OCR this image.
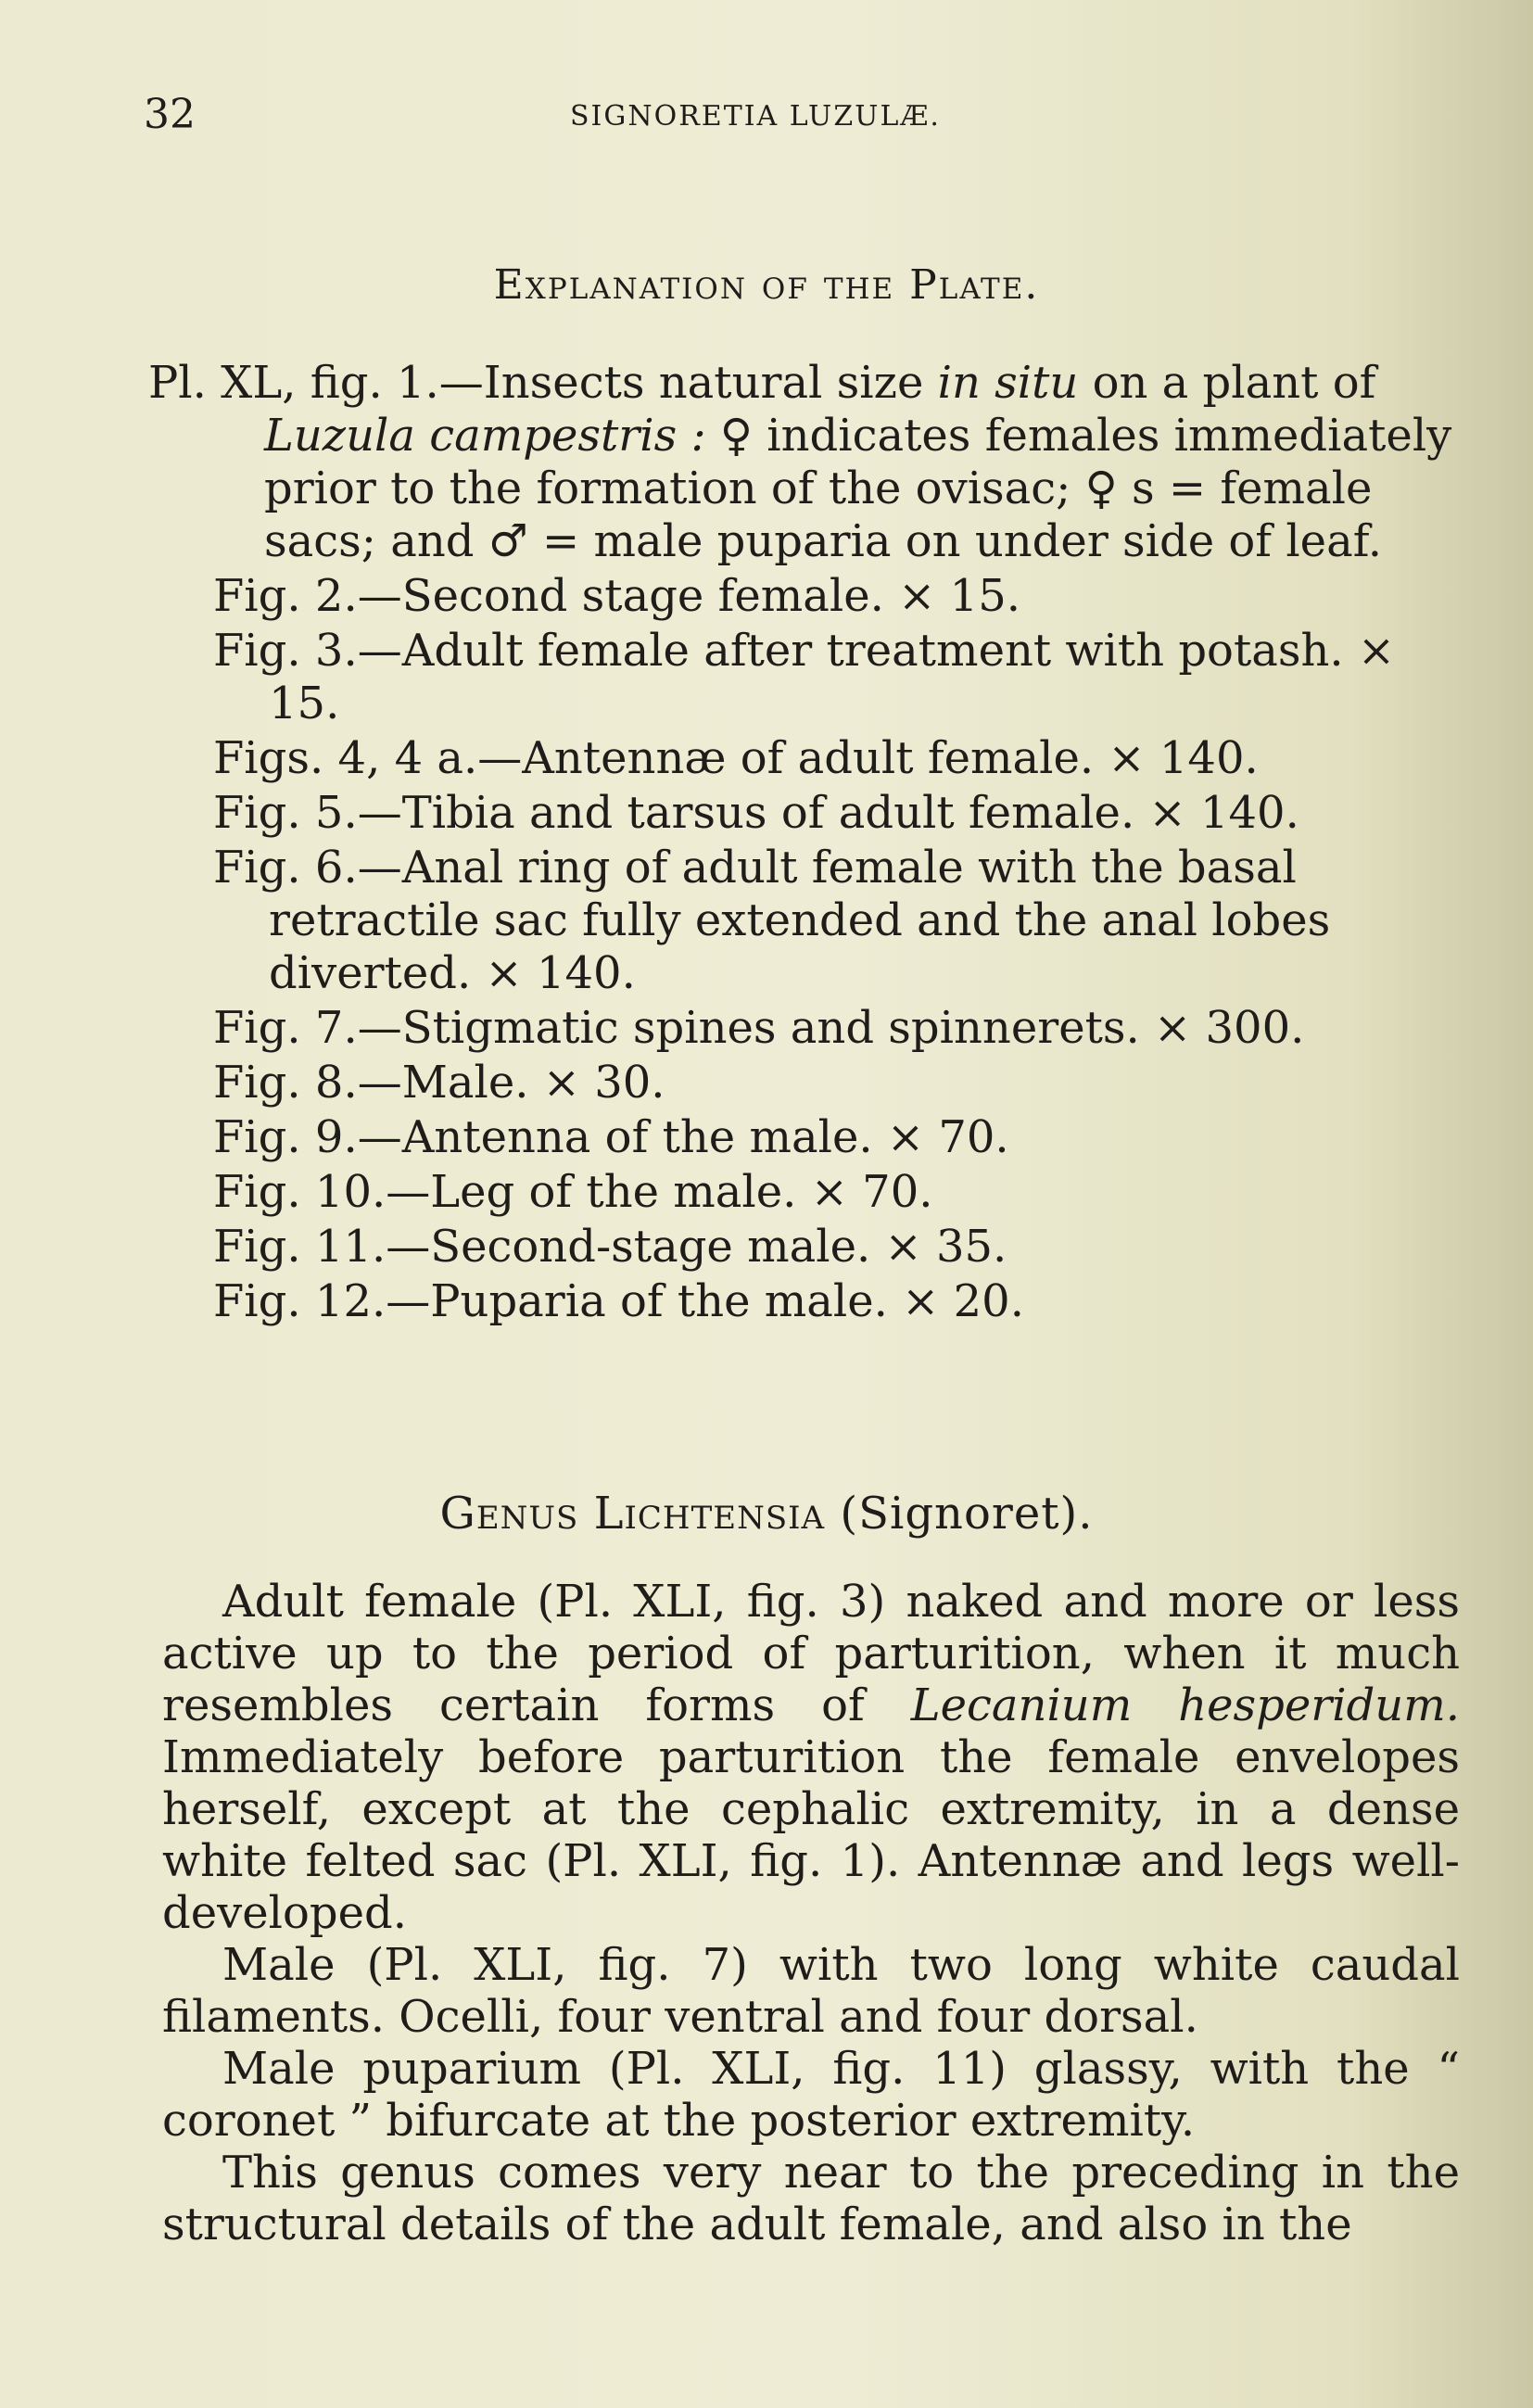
32	SIGNORETIA LUZULÆ.
Explanation of the Plate.
Pl. XL, fig. 1.—Insects natural size in situ on a plant of Luzula campestris : ♀ indicates females immediately prior to the formation of the ovisac; ♀ s = female sacs; and ♂ = male puparia on under side of leaf.
Fig. 2.—Second stage female. × 15.
Fig. 3.—Adult female after treatment with potash. × 15.
Figs. 4, 4 a.—Antennæ of adult female. × 140.
Fig. 5.—Tibia and tarsus of adult female. × 140.
Fig. 6.—Anal ring of adult female with the basal retractile sac fully extended and the anal lobes diverted. × 140.
Fig. 7.—Stigmatic spines and spinnerets. × 300.
Fig. 8.—Male. × 30.
Fig. 9.—Antenna of the male. × 70.
Fig. 10.—Leg of the male. × 70.
Fig. 11.—Second-stage male. × 35.
Fig. 12.—Puparia of the male. × 20.
Genus Lichtensia (Signoret).

Adult female (Pl. XLI, fig. 3) naked and more or less active up to the period of parturition, when it much resembles certain forms of Lecanium hesperidum. Immediately before parturition the female envelopes herself, except at the cephalic extremity, in a dense white felted sac (Pl. XLI, fig. 1). Antennæ and legs well-developed.

Male (Pl. XLI, fig. 7) with two long white caudal filaments. Ocelli, four ventral and four dorsal.

Male puparium (Pl. XLI, fig. 11) glassy, with the “ coronet ” bifurcate at the posterior extremity.

This genus comes very near to the preceding in the structural details of the adult female, and also in the
